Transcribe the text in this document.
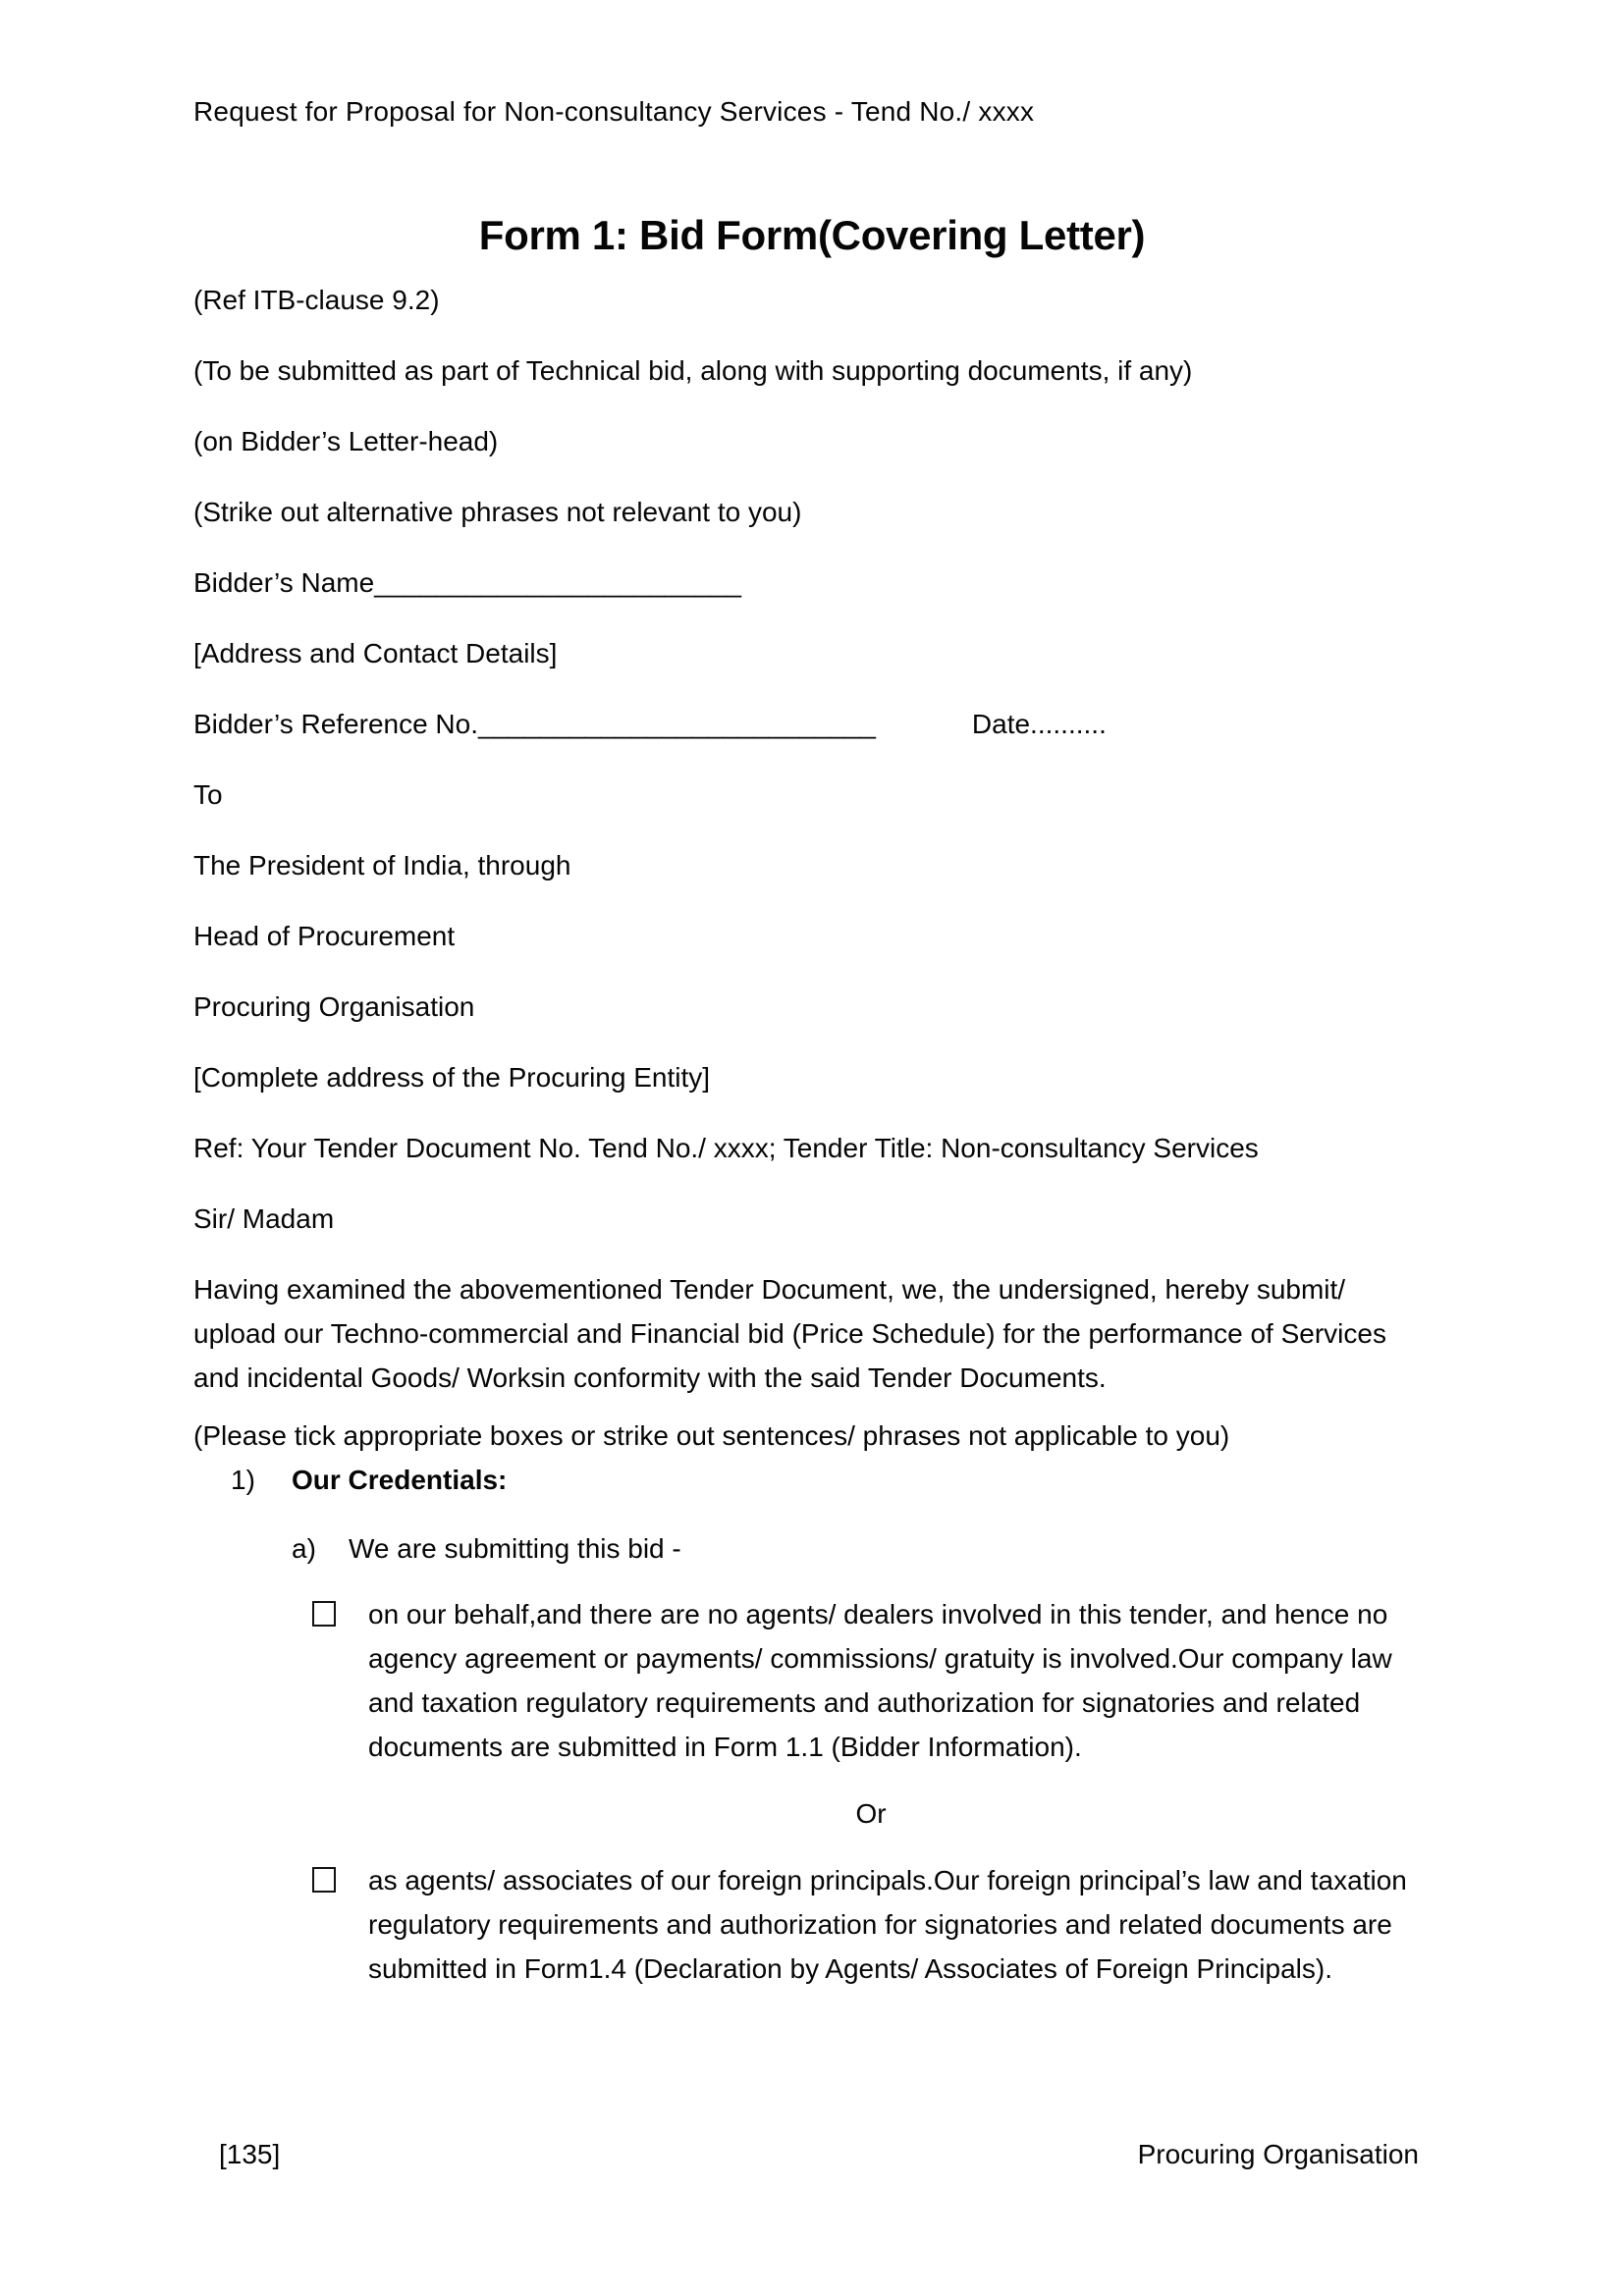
Request for Proposal for Non-consultancy Services - Tend No./ xxxx
Form 1: Bid Form(Covering Letter)

(Ref ITB-clause 9.2)

(To be submitted as part of Technical bid, along with supporting documents, if any)

(on Bidder’s Letter-head)

(Strike out alternative phrases not relevant to you)

Bidder’s Name________________________

[Address and Contact Details]

Bidder’s Reference No.__________________________	Date..........

To

The President of India, through

Head of Procurement

Procuring Organisation

[Complete address of the Procuring Entity]

Ref: Your Tender Document No. Tend No./ xxxx; Tender Title: Non-consultancy Services

Sir/ Madam

Having examined the abovementioned Tender Document, we, the undersigned, hereby submit/
upload our Techno-commercial and Financial bid (Price Schedule) for the performance of Services
and incidental Goods/ Worksin conformity with the said Tender Documents.

(Please tick appropriate boxes or strike out sentences/ phrases not applicable to you)

1) Our Credentials:
a) We are submitting this bid -
on our behalf,and there are no agents/ dealers involved in this tender, and hence no
agency agreement or payments/ commissions/ gratuity is involved.Our company law
and taxation regulatory requirements and authorization for signatories and related
documents are submitted in Form 1.1 (Bidder Information).
Or
as agents/ associates of our foreign principals.Our foreign principal’s law and taxation
regulatory requirements and authorization for signatories and related documents are
submitted in Form1.4 (Declaration by Agents/ Associates of Foreign Principals).
[135]	Procuring Organisation
